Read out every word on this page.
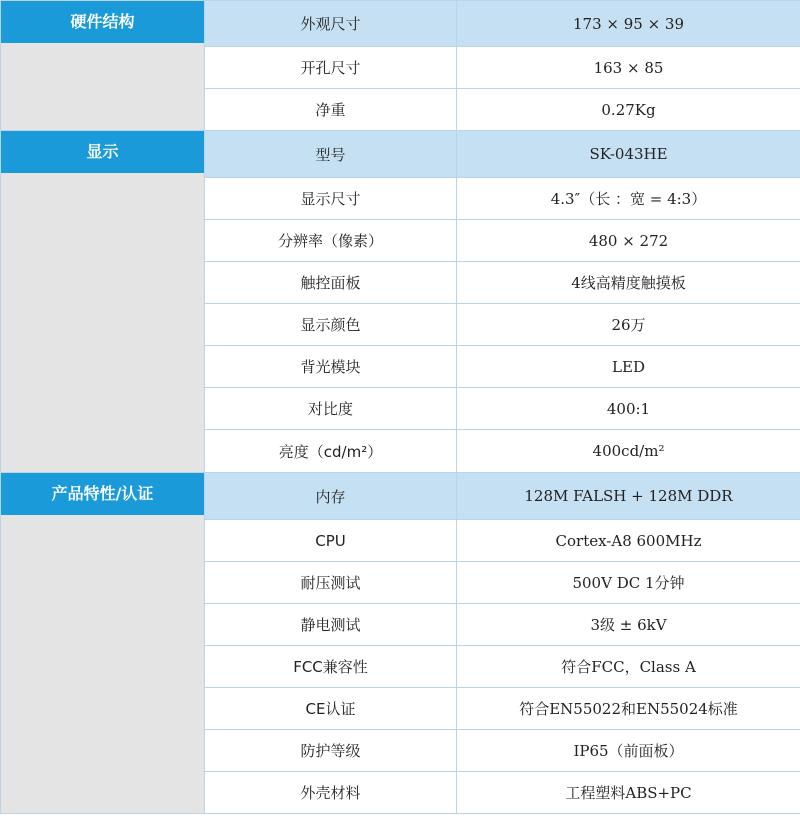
硬件结构	外观尺寸	173 × 95 × 39
	开孔尺寸	163 × 85
	净重	0.27Kg

显示	型号	SK-043HE
	显示尺寸	4.3″（长 ：宽 = 4:3）
	分辨率（像素）	480 × 272
	触控面板	4线高精度触摸板
	显示颜色	26万
	背光模块	LED
	对比度	400:1
	亮度（cd/m²）	400cd/m²

产品特性/认证	内存	128M FALSH + 128M DDR
	CPU	Cortex-A8 600MHz
	耐压测试	500V DC 1分钟
	静电测试	3级 ± 6kV
	FCC兼容性	符合FCC，Class A
	CE认证	符合EN55022和EN55024标准
	防护等级	IP65（前面板）
	外壳材料	工程塑料ABS+PC
